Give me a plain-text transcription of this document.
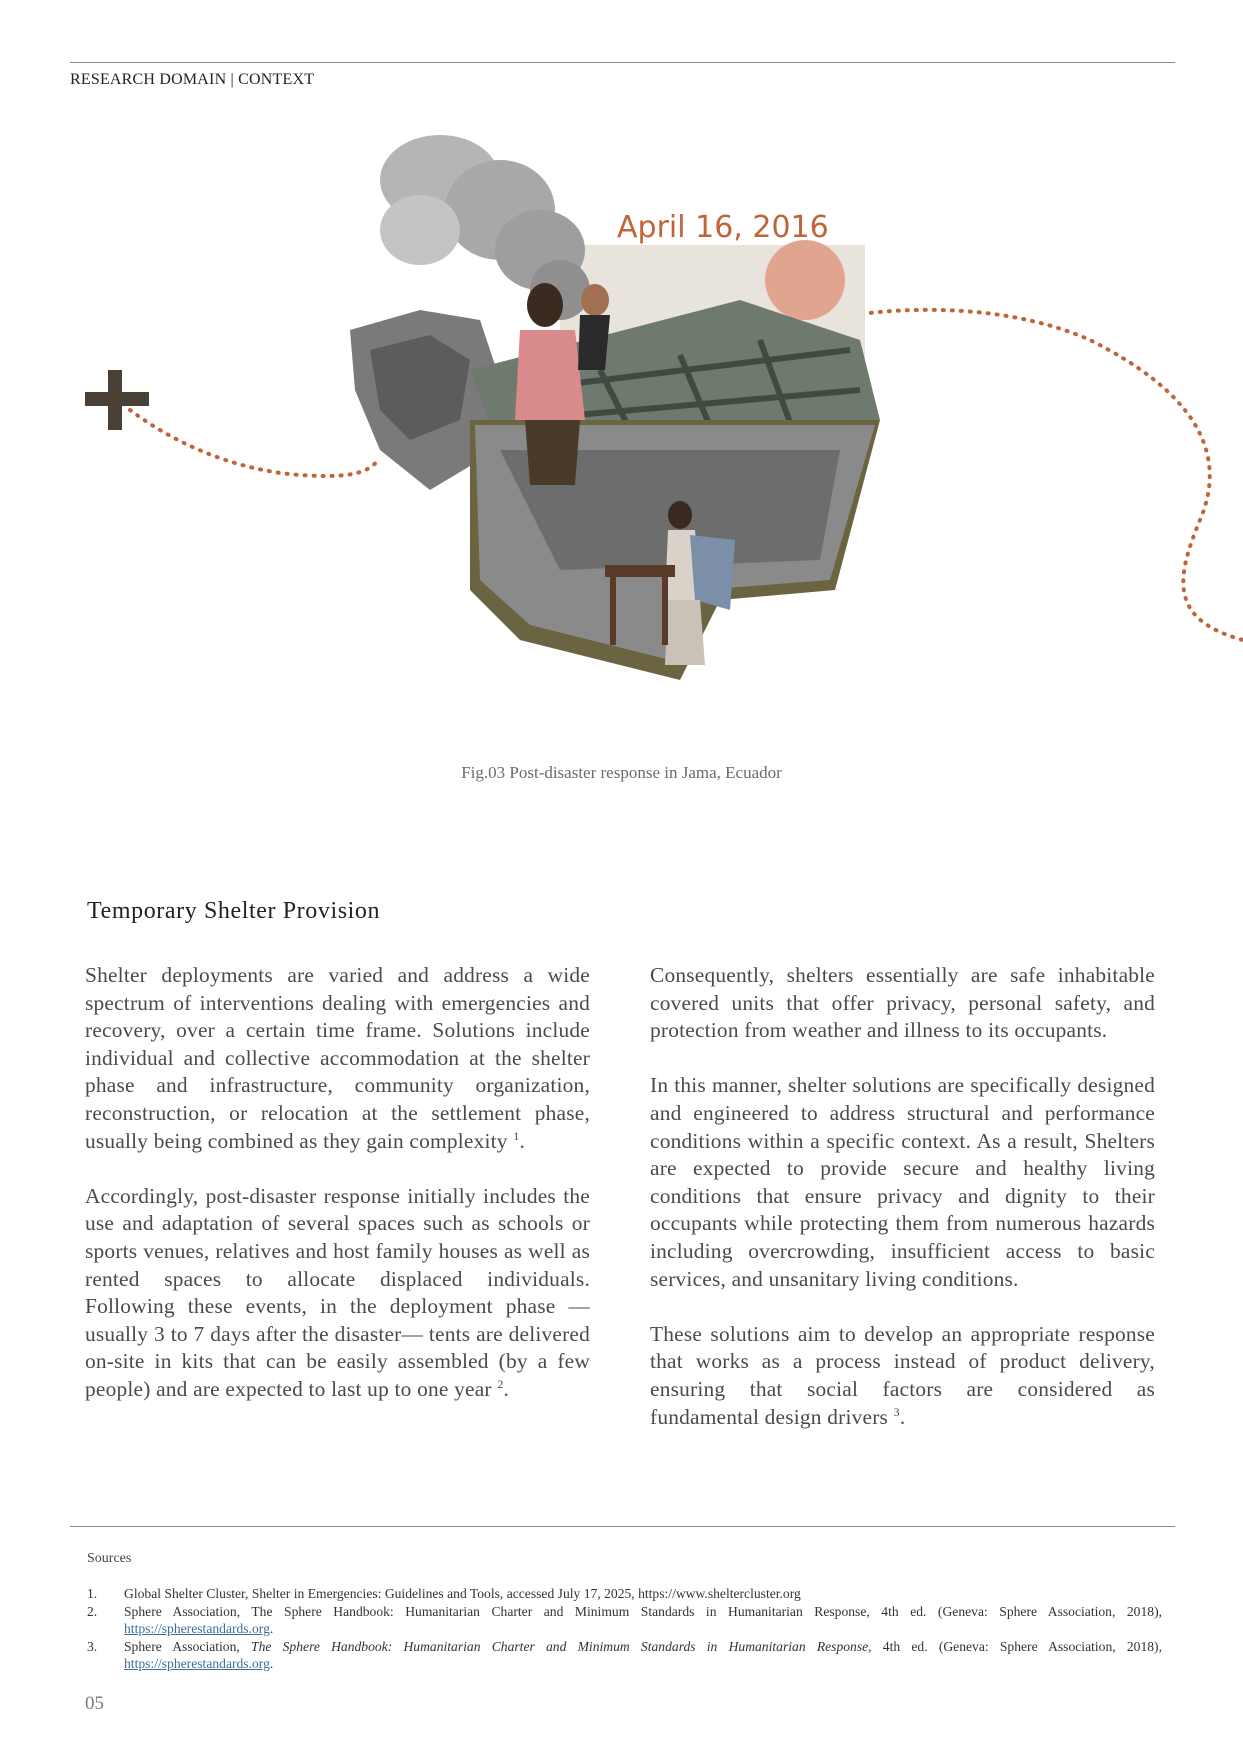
RESEARCH DOMAIN | CONTEXT
April 16, 2016
Fig.03 Post-disaster response in Jama, Ecuador
Temporary Shelter Provision

Shelter deployments are varied and address a wide spectrum of interventions dealing with emergencies and recovery, over a certain time frame. Solutions include individual and collective accommodation at the shelter phase and infrastructure, community organization, reconstruction, or relocation at the settlement phase, usually being combined as they gain complexity $^1$.

Accordingly, post-disaster response initially includes the use and adaptation of several spaces such as schools or sports venues, relatives and host family houses as well as rented spaces to allocate displaced individuals. Following these events, in the deployment phase —usually 3 to 7 days after the disaster— tents are delivered on-site in kits that can be easily assembled (by a few people) and are expected to last up to one year $^2$.

Consequently, shelters essentially are safe inhabitable covered units that offer privacy, personal safety, and protection from weather and illness to its occupants.

In this manner, shelter solutions are specifically designed and engineered to address structural and performance conditions within a specific context. As a result, Shelters are expected to provide secure and healthy living conditions that ensure privacy and dignity to their occupants while protecting them from numerous hazards including overcrowding, insufficient access to basic services, and unsanitary living conditions.

These solutions aim to develop an appropriate response that works as a process instead of product delivery, ensuring that social factors are considered as fundamental design drivers $^3$.

Sources
1. Global Shelter Cluster, Shelter in Emergencies: Guidelines and Tools, accessed July 17, 2025, https://www.sheltercluster.org
2. Sphere Association, The Sphere Handbook: Humanitarian Charter and Minimum Standards in Humanitarian Response, 4th ed. (Geneva: Sphere Association, 2018), https://spherestandards.org.
3. Sphere Association, The Sphere Handbook: Humanitarian Charter and Minimum Standards in Humanitarian Response, 4th ed. (Geneva: Sphere Association, 2018), https://spherestandards.org.
05
